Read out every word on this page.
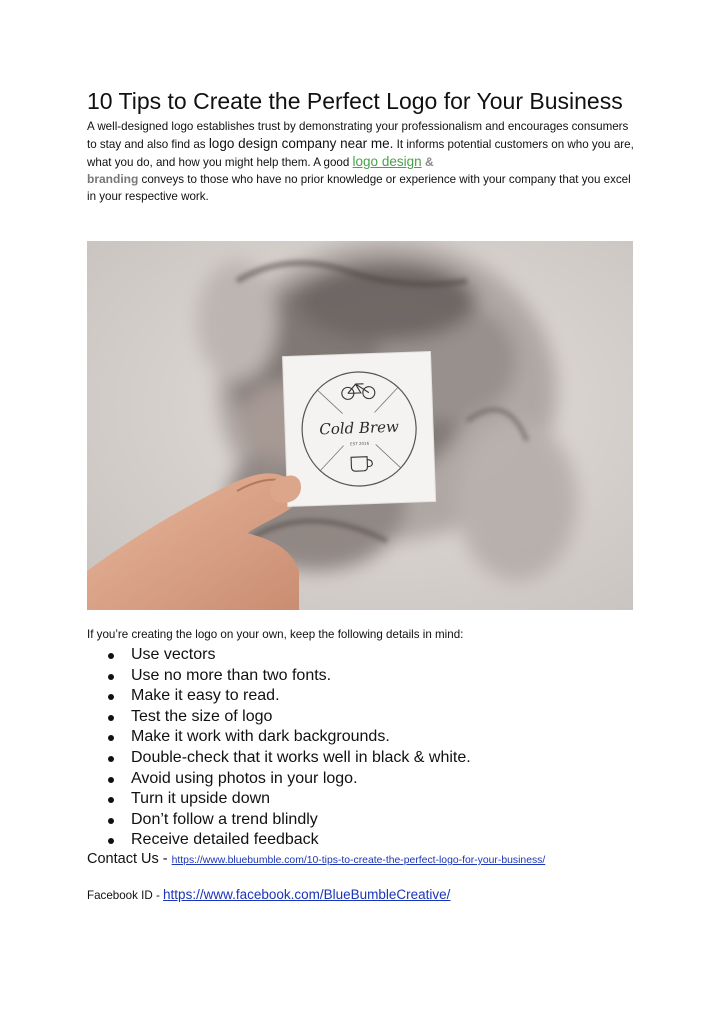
10 Tips to Create the Perfect Logo for Your Business

A well-designed logo establishes trust by demonstrating your professionalism and encourages consumers to stay and also find as logo design company near me. It informs potential customers on who you are, what you do, and how you might help them. A good logo design &
branding conveys to those who have no prior knowledge or experience with your company that you excel in your respective work.

Cold Brew
EST 2016

If you’re creating the logo on your own, keep the following details in mind:

Use vectors
Use no more than two fonts.
Make it easy to read.
Test the size of logo
Make it work with dark backgrounds.
Double-check that it works well in black & white.
Avoid using photos in your logo.
Turn it upside down
Don’t follow a trend blindly
Receive detailed feedback

Contact Us - https://www.bluebumble.com/10-tips-to-create-the-perfect-logo-for-your-business/

Facebook ID - https://www.facebook.com/BlueBumbleCreative/
